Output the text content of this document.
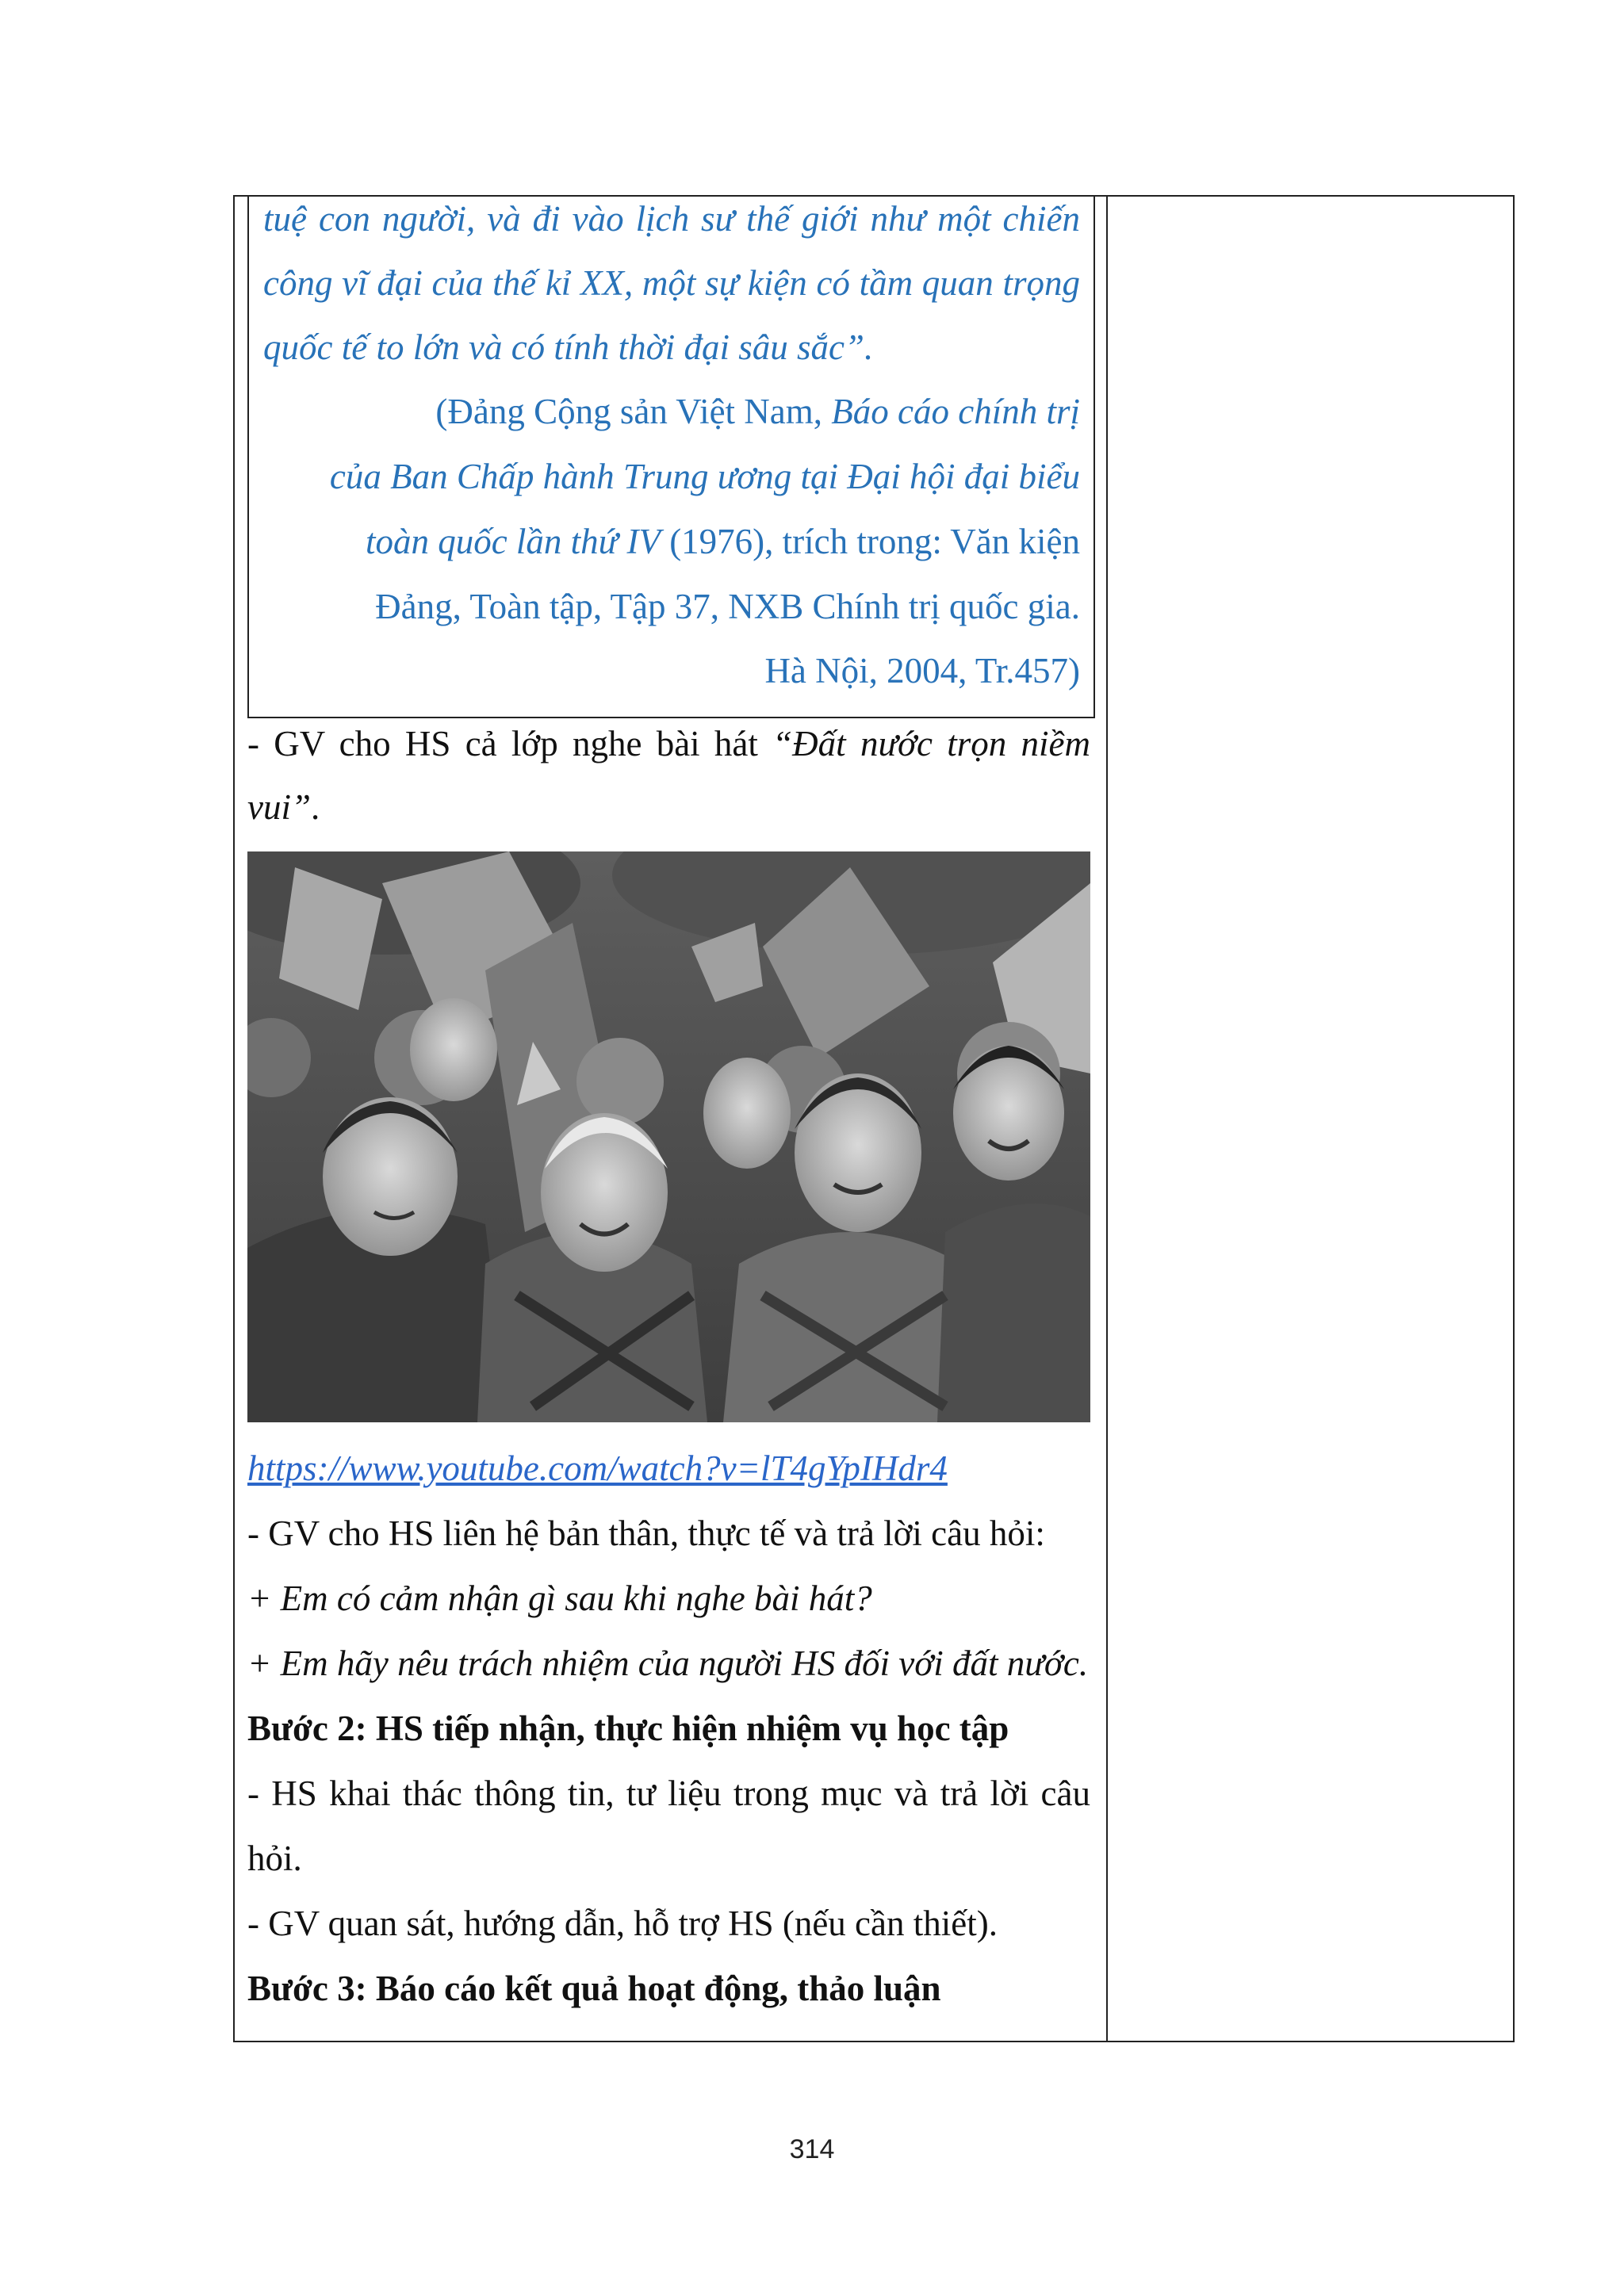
tuệ con người, và đi vào lịch sư thế giới như một chiến
công vĩ đại của thế kỉ XX, một sự kiện có tầm quan trọng
quốc tế to lớn và có tính thời đại sâu sắc”.
(Đảng Cộng sản Việt Nam, Báo cáo chính trị
của Ban Chấp hành Trung ương tại Đại hội đại biểu
toàn quốc lần thứ IV (1976), trích trong: Văn kiện
Đảng, Toàn tập, Tập 37, NXB Chính trị quốc gia.
Hà Nội, 2004, Tr.457)
- GV cho HS cả lớp nghe bài hát “Đất nước trọn niềm
vui”.
https://www.youtube.com/watch?v=lT4gYpIHdr4
- GV cho HS liên hệ bản thân, thực tế và trả lời câu hỏi:
+ Em có cảm nhận gì sau khi nghe bài hát?
+ Em hãy nêu trách nhiệm của người HS đối với đất nước.
Bước 2: HS tiếp nhận, thực hiện nhiệm vụ học tập
- HS khai thác thông tin, tư liệu trong mục và trả lời câu
hỏi.
- GV quan sát, hướng dẫn, hỗ trợ HS (nếu cần thiết).
Bước 3: Báo cáo kết quả hoạt động, thảo luận
314
